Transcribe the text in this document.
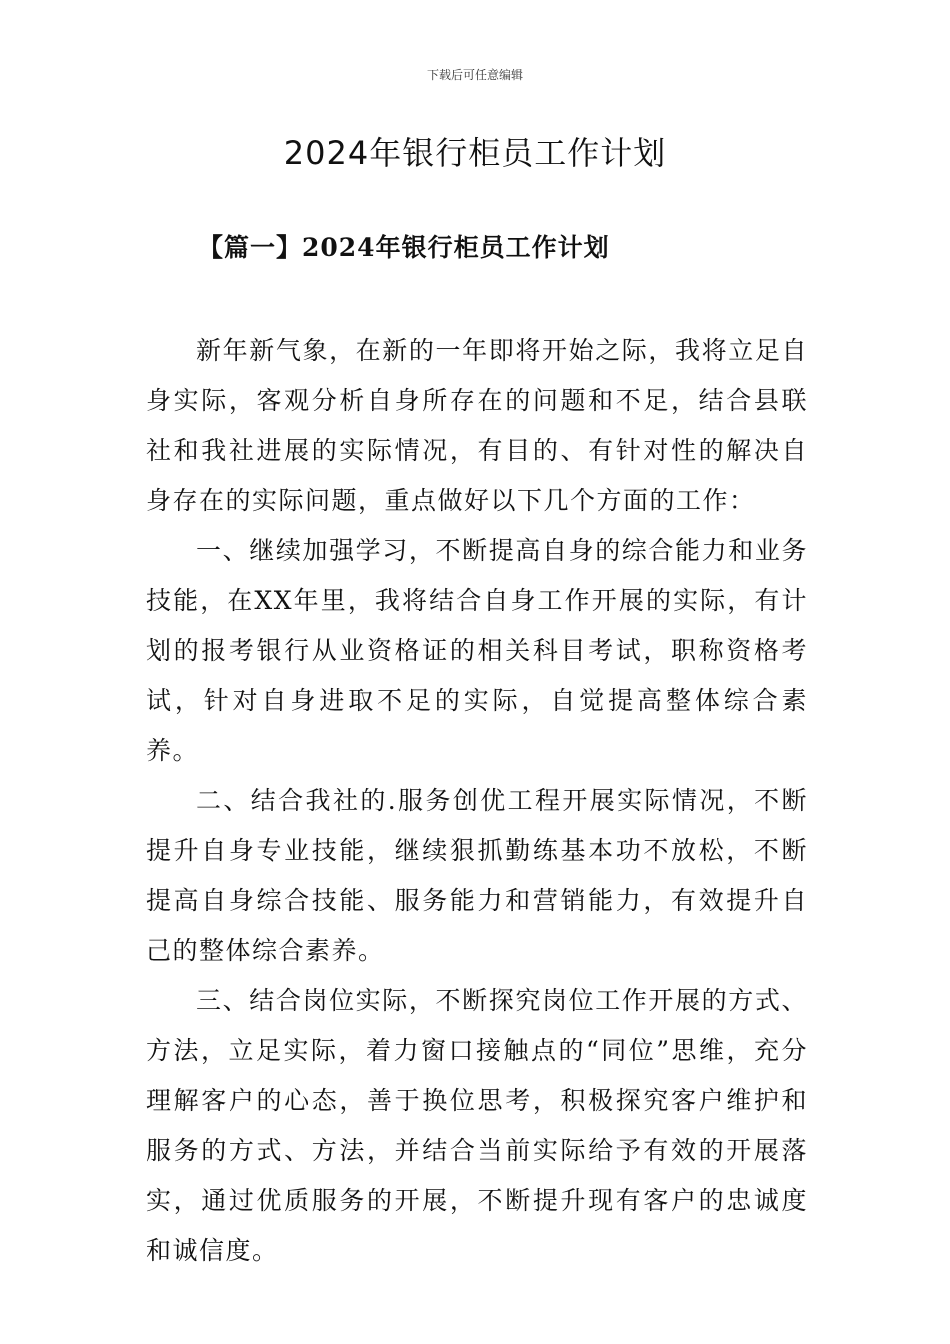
下载后可任意编辑
2024年银行柜员工作计划
【篇一】2024年银行柜员工作计划

新年新气象，在新的一年即将开始之际，我将立足自身实际，客观分析自身所存在的问题和不足，结合县联社和我社进展的实际情况，有目的、有针对性的解决自身存在的实际问题，重点做好以下几个方面的工作：

一、继续加强学习，不断提高自身的综合能力和业务技能，在XX年里，我将结合自身工作开展的实际，有计划的报考银行从业资格证的相关科目考试，职称资格考试，针对自身进取不足的实际，自觉提高整体综合素养。

二、结合我社的.服务创优工程开展实际情况，不断提升自身专业技能，继续狠抓勤练基本功不放松，不断提高自身综合技能、服务能力和营销能力，有效提升自己的整体综合素养。

三、结合岗位实际，不断探究岗位工作开展的方式、方法，立足实际，着力窗口接触点的“同位”思维，充分理解客户的心态，善于换位思考，积极探究客户维护和服务的方式、方法，并结合当前实际给予有效的开展落实，通过优质服务的开展，不断提升现有客户的忠诚度和诚信度。
